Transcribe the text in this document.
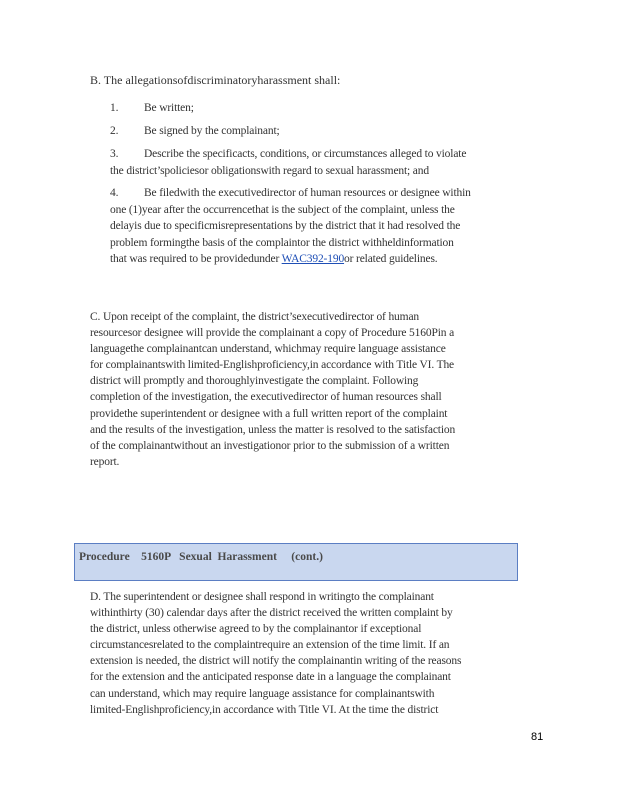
B. The allegationsofdiscriminatoryharassment shall:
1. Be written;
2. Be signed by the complainant;
3. Describe the specificacts, conditions, or circumstances alleged to violate
the district’spoliciesor obligationswith regard to sexual harassment; and
4. Be filedwith the executivedirector of human resources or designee within
one (1)year after the occurrencethat is the subject of the complaint, unless the
delayis due to specificmisrepresentations by the district that it had resolved the
problem formingthe basis of the complaintor the district withheldinformation
that was required to be providedunder WAC392-190or related guidelines.
C. Upon receipt of the complaint, the district’sexecutivedirector of human
resourcesor designee will provide the complainant a copy of Procedure 5160Pin a
languagethe complainantcan understand, whichmay require language assistance
for complainantswith limited-Englishproficiency,in accordance with Title VI. The
district will promptly and thoroughlyinvestigate the complaint. Following
completion of the investigation, the executivedirector of human resources shall
providethe superintendent or designee with a full written report of the complaint
and the results of the investigation, unless the matter is resolved to the satisfaction
of the complainantwithout an investigationor prior to the submission of a written
report.
Procedure    5160P   Sexual  Harassment     (cont.)
D. The superintendent or designee shall respond in writingto the complainant
withinthirty (30) calendar days after the district received the written complaint by
the district, unless otherwise agreed to by the complainantor if exceptional
circumstancesrelated to the complaintrequire an extension of the time limit. If an
extension is needed, the district will notify the complainantin writing of the reasons
for the extension and the anticipated response date in a language the complainant
can understand, which may require language assistance for complainantswith
limited-Englishproficiency,in accordance with Title VI. At the time the district
81
